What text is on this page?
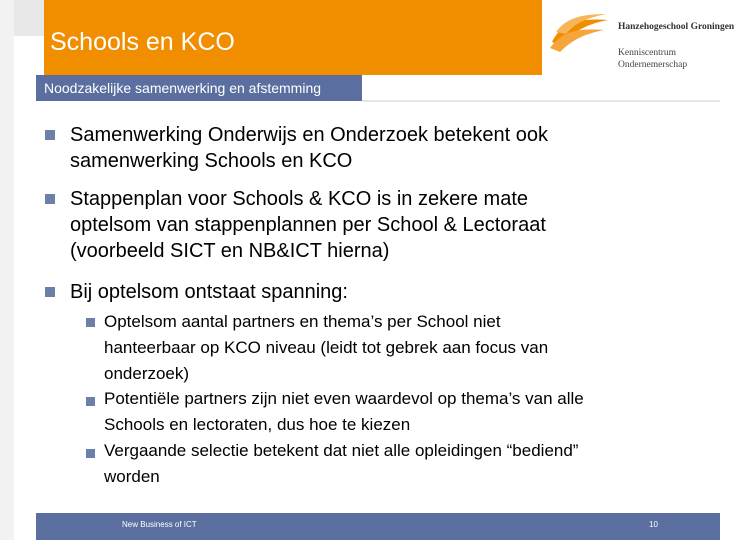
Schools en KCO
Noodzakelijke samenwerking en afstemming
Hanzehogeschool Groningen
Kenniscentrum
Ondernemerschap
Samenwerking Onderwijs en Onderzoek betekent ook
samenwerking Schools en KCO
Stappenplan voor Schools & KCO is in zekere mate
optelsom van stappenplannen per School & Lectoraat
(voorbeeld SICT en NB&ICT hierna)
Bij optelsom ontstaat spanning:
Optelsom aantal partners en thema’s per School niet
hanteerbaar op KCO niveau (leidt tot gebrek aan focus van
onderzoek)
Potentiële partners zijn niet even waardevol op thema’s van alle
Schools en lectoraten, dus hoe te kiezen
Vergaande selectie betekent dat niet alle opleidingen “bediend”
worden
New Business of ICT	10
